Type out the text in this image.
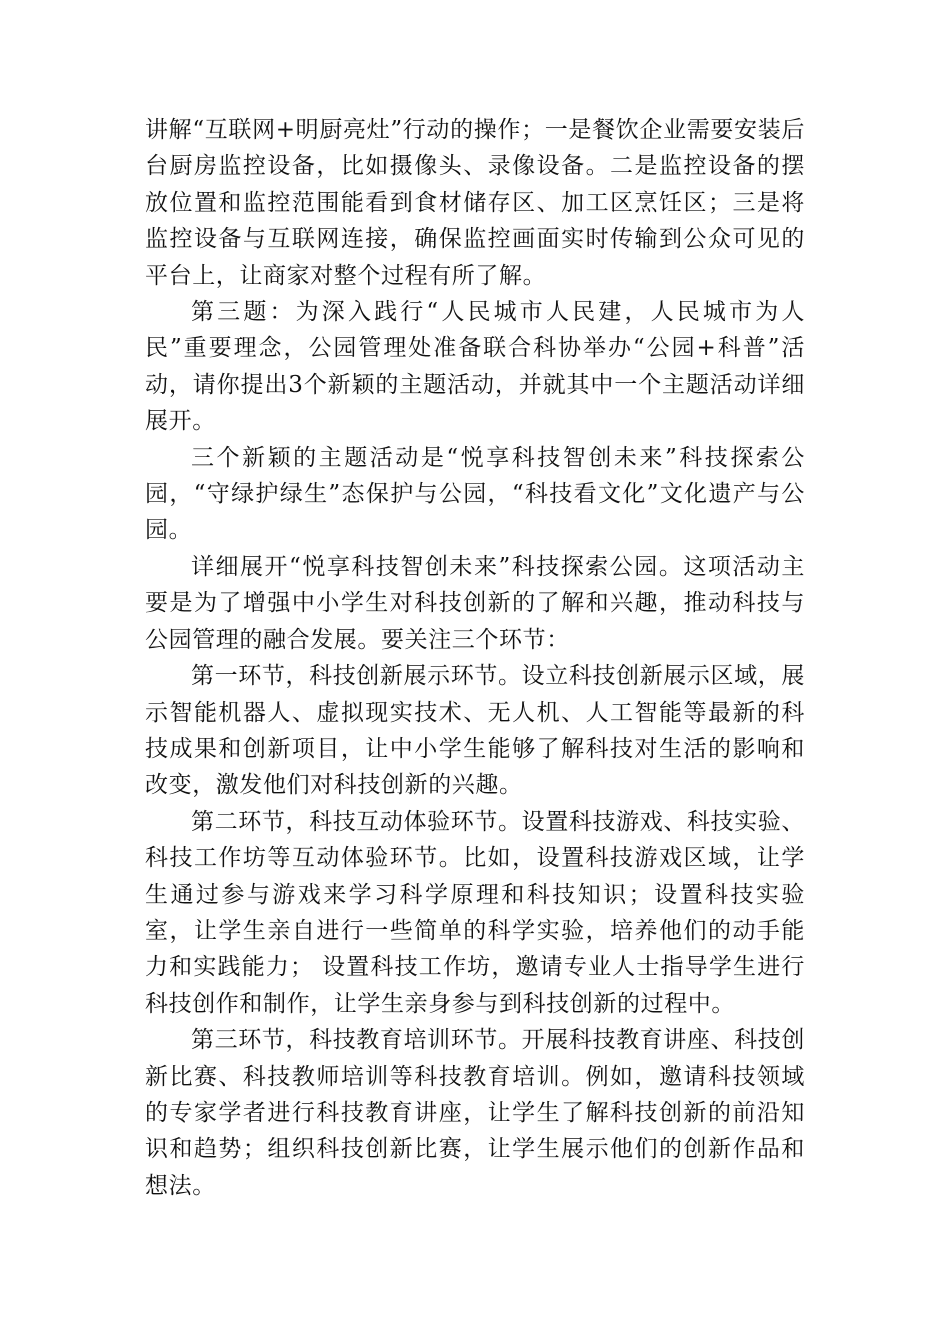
讲解“互联网+明厨亮灶”行动的操作；一是餐饮企业需要安装后台厨房监控设备，比如摄像头、录像设备。二是监控设备的摆放位置和监控范围能看到食材储存区、加工区烹饪区；三是将监控设备与互联网连接，确保监控画面实时传输到公众可见的平台上，让商家对整个过程有所了解。

第三题：为深入践行“人民城市人民建，人民城市为人民”重要理念，公园管理处准备联合科协举办“公园+科普”活动，请你提出3个新颖的主题活动，并就其中一个主题活动详细展开。

三个新颖的主题活动是“悦享科技智创未来”科技探索公园，“守绿护绿生”态保护与公园，“科技看文化”文化遗产与公园。

详细展开“悦享科技智创未来”科技探索公园。这项活动主要是为了增强中小学生对科技创新的了解和兴趣，推动科技与公园管理的融合发展。要关注三个环节：

第一环节，科技创新展示环节。设立科技创新展示区域，展示智能机器人、虚拟现实技术、无人机、人工智能等最新的科技成果和创新项目，让中小学生能够了解科技对生活的影响和改变，激发他们对科技创新的兴趣。

第二环节，科技互动体验环节。设置科技游戏、科技实验、科技工作坊等互动体验环节。比如，设置科技游戏区域，让学生通过参与游戏来学习科学原理和科技知识；设置科技实验室，让学生亲自进行一些简单的科学实验，培养他们的动手能力和实践能力； 设置科技工作坊，邀请专业人士指导学生进行科技创作和制作，让学生亲身参与到科技创新的过程中。

第三环节，科技教育培训环节。开展科技教育讲座、科技创新比赛、科技教师培训等科技教育培训。例如，邀请科技领域的专家学者进行科技教育讲座，让学生了解科技创新的前沿知识和趋势；组织科技创新比赛，让学生展示他们的创新作品和想法。
